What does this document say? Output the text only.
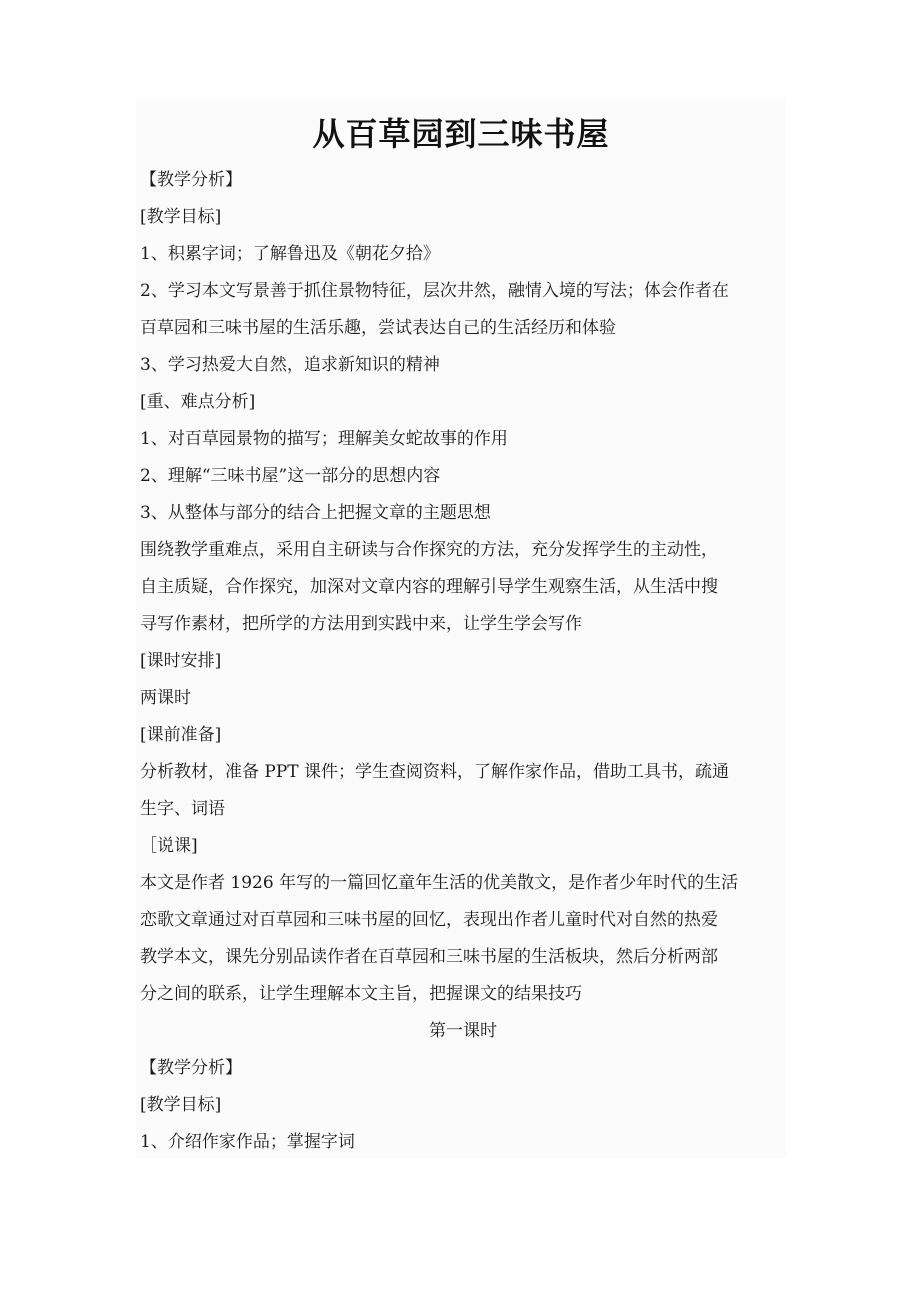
从百草园到三味书屋
【教学分析】
[教学目标]
1、积累字词；了解鲁迅及《朝花夕拾》
2、学习本文写景善于抓住景物特征，层次井然，融情入境的写法；体会作者在
百草园和三味书屋的生活乐趣，尝试表达自己的生活经历和体验
3、学习热爱大自然，追求新知识的精神
[重、难点分析]
1、对百草园景物的描写；理解美女蛇故事的作用
2、理解“三味书屋”这一部分的思想内容
3、从整体与部分的结合上把握文章的主题思想
围绕教学重难点，采用自主研读与合作探究的方法，充分发挥学生的主动性，
自主质疑，合作探究，加深对文章内容的理解引导学生观察生活，从生活中搜
寻写作素材，把所学的方法用到实践中来，让学生学会写作
[课时安排]
两课时
[课前准备]
分析教材，准备 PPT 课件；学生查阅资料，了解作家作品，借助工具书，疏通
生字、词语
［说课]
本文是作者 1926 年写的一篇回忆童年生活的优美散文，是作者少年时代的生活
恋歌文章通过对百草园和三味书屋的回忆，表现出作者儿童时代对自然的热爱
教学本文，课先分别品读作者在百草园和三味书屋的生活板块，然后分析两部
分之间的联系，让学生理解本文主旨，把握课文的结果技巧
第一课时
【教学分析】
[教学目标]
1、介绍作家作品；掌握字词
